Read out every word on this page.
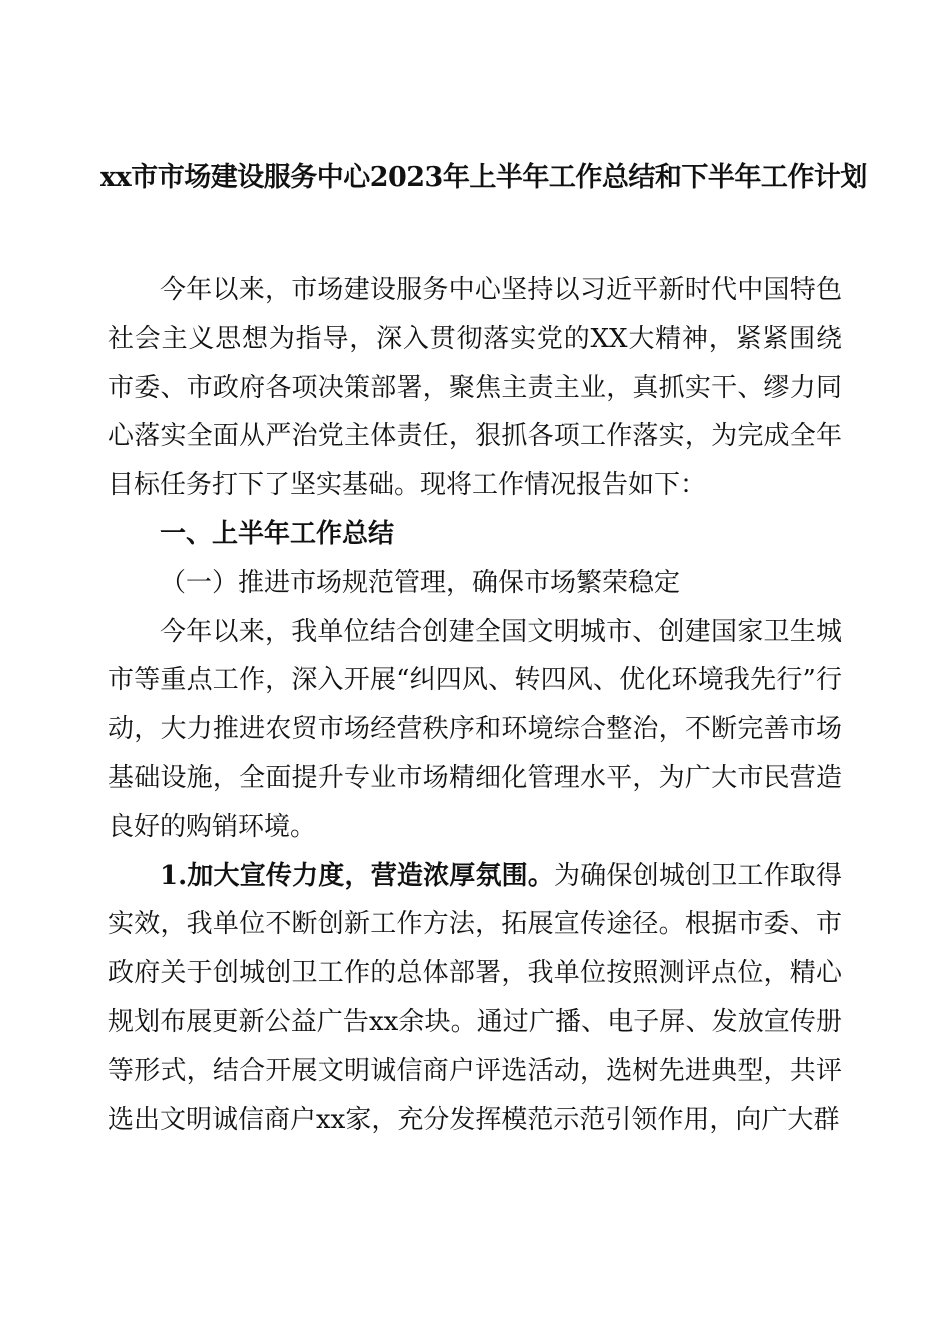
xx市市场建设服务中心2023年上半年工作总结和下半年工作计划

今年以来，市场建设服务中心坚持以习近平新时代中国特色社会主义思想为指导，深入贯彻落实党的XX大精神，紧紧围绕市委、市政府各项决策部署，聚焦主责主业，真抓实干、缪力同心落实全面从严治党主体责任，狠抓各项工作落实，为完成全年目标任务打下了坚实基础。现将工作情况报告如下：

一、上半年工作总结

（一）推进市场规范管理，确保市场繁荣稳定

今年以来，我单位结合创建全国文明城市、创建国家卫生城市等重点工作，深入开展“纠四风、转四风、优化环境我先行”行动，大力推进农贸市场经营秩序和环境综合整治，不断完善市场基础设施，全面提升专业市场精细化管理水平，为广大市民营造良好的购销环境。

1.加大宣传力度，营造浓厚氛围。为确保创城创卫工作取得实效，我单位不断创新工作方法，拓展宣传途径。根据市委、市政府关于创城创卫工作的总体部署，我单位按照测评点位，精心规划布展更新公益广告xx余块。通过广播、电子屏、发放宣传册等形式，结合开展文明诚信商户评选活动，选树先进典型，共评选出文明诚信商户xx家，充分发挥模范示范引领作用，向广大群
